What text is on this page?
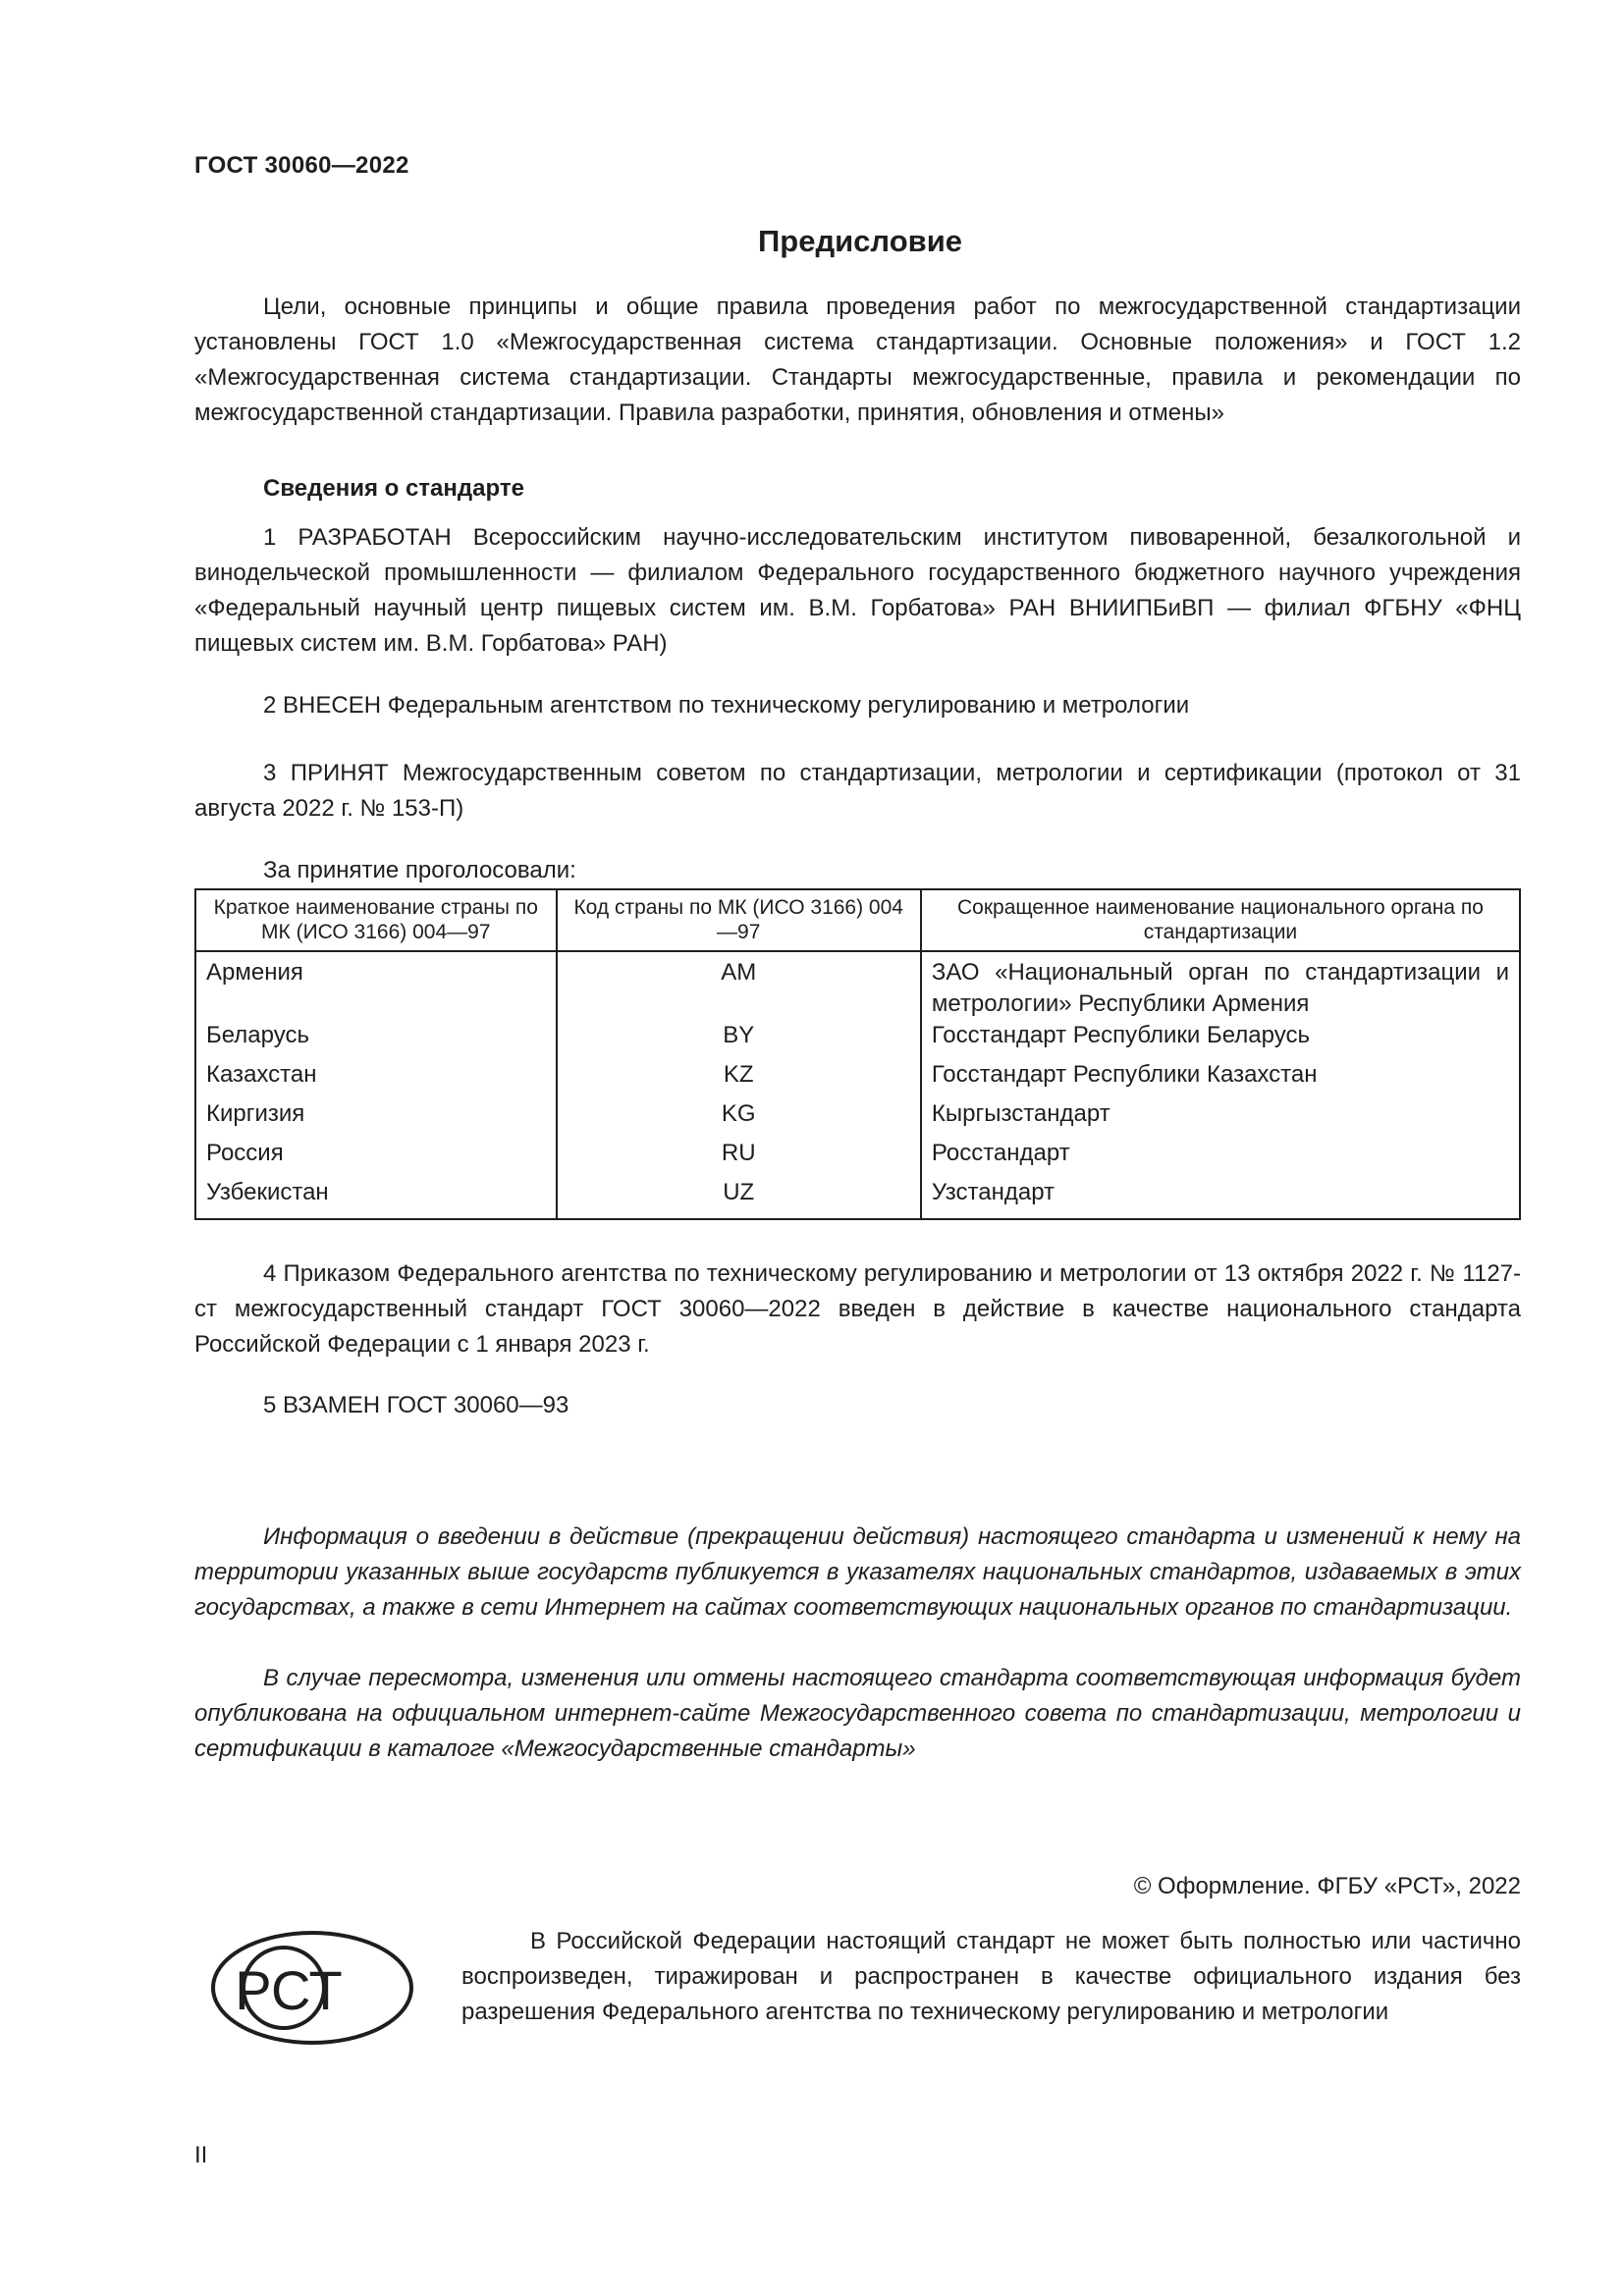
ГОСТ 30060—2022
Предисловие

Цели, основные принципы и общие правила проведения работ по межгосударственной стандартизации установлены ГОСТ 1.0 «Межгосударственная система стандартизации. Основные положения» и ГОСТ 1.2 «Межгосударственная система стандартизации. Стандарты межгосударственные, правила и рекомендации по межгосударственной стандартизации. Правила разработки, принятия, обновления и отмены»

Сведения о стандарте

1 РАЗРАБОТАН Всероссийским научно-исследовательским институтом пивоваренной, безалкогольной и винодельческой промышленности — филиалом Федерального государственного бюджетного научного учреждения «Федеральный научный центр пищевых систем им. В.М. Горбатова» РАН ВНИИПБиВП — филиал ФГБНУ «ФНЦ пищевых систем им. В.М. Горбатова» РАН)

2 ВНЕСЕН Федеральным агентством по техническому регулированию и метрологии

3 ПРИНЯТ Межгосударственным советом по стандартизации, метрологии и сертификации (протокол от 31 августа 2022 г. № 153-П)

За принятие проголосовали:
Краткое наименование страны по МК (ИСО 3166) 004—97	Код страны по МК (ИСО 3166) 004—97	Сокращенное наименование национального органа по стандартизации
Армения	AM	ЗАО «Национальный орган по стандартизации и метрологии» Республики Армения
Беларусь	BY	Госстандарт Республики Беларусь
Казахстан	KZ	Госстандарт Республики Казахстан
Киргизия	KG	Кыргызстандарт
Россия	RU	Росстандарт
Узбекистан	UZ	Узстандарт

4 Приказом Федерального агентства по техническому регулированию и метрологии от 13 октября 2022 г. № 1127-ст межгосударственный стандарт ГОСТ 30060—2022 введен в действие в качестве национального стандарта Российской Федерации с 1 января 2023 г.

5 ВЗАМЕН ГОСТ 30060—93

Информация о введении в действие (прекращении действия) настоящего стандарта и изменений к нему на территории указанных выше государств публикуется в указателях национальных стандартов, издаваемых в этих государствах, а также в сети Интернет на сайтах соответствующих национальных органов по стандартизации.

В случае пересмотра, изменения или отмены настоящего стандарта соответствующая информация будет опубликована на официальном интернет-сайте Межгосударственного совета по стандартизации, метрологии и сертификации в каталоге «Межгосударственные стандарты»

© Оформление. ФГБУ «РСТ», 2022
РСТ

В Российской Федерации настоящий стандарт не может быть полностью или частично воспроизведен, тиражирован и распространен в качестве официального издания без разрешения Федерального агентства по техническому регулированию и метрологии

II
